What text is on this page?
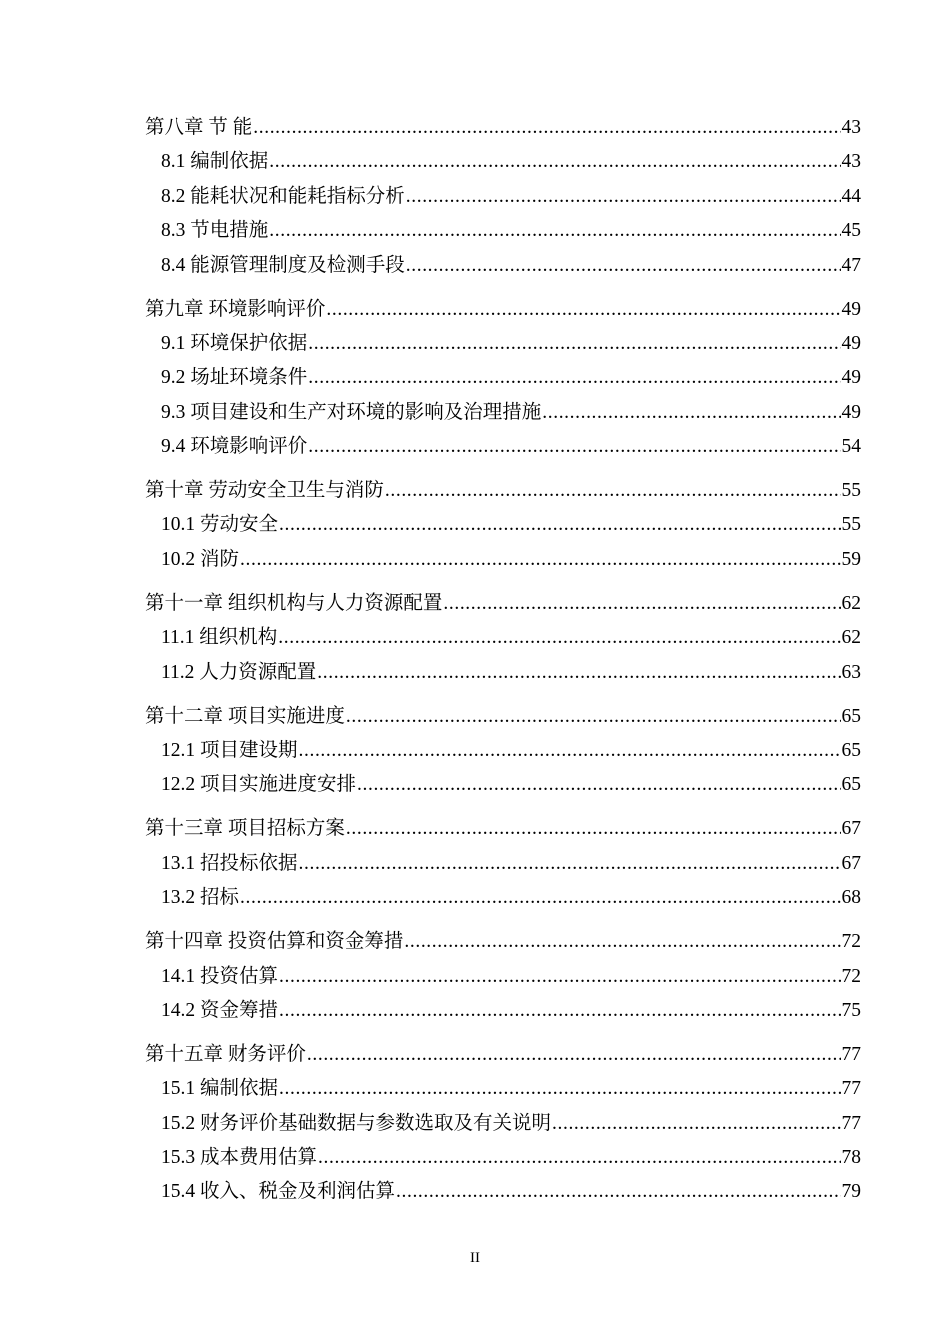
第八章 节 能 .....	43
8.1 编制依据 .....	43
8.2 能耗状况和能耗指标分析 .....	44
8.3 节电措施 .....	45
8.4 能源管理制度及检测手段 .....	47
第九章 环境影响评价 .....	49
9.1 环境保护依据 .....	49
9.2 场址环境条件 .....	49
9.3 项目建设和生产对环境的影响及治理措施 .....	49
9.4 环境影响评价 .....	54
第十章 劳动安全卫生与消防 .....	55
10.1 劳动安全 .....	55
10.2 消防 .....	59
第十一章 组织机构与人力资源配置 .....	62
11.1 组织机构 .....	62
11.2 人力资源配置 .....	63
第十二章 项目实施进度 .....	65
12.1 项目建设期 .....	65
12.2 项目实施进度安排 .....	65
第十三章 项目招标方案 .....	67
13.1 招投标依据 .....	67
13.2 招标 .....	68
第十四章 投资估算和资金筹措 .....	72
14.1 投资估算 .....	72
14.2 资金筹措 .....	75
第十五章 财务评价 .....	77
15.1 编制依据 .....	77
15.2 财务评价基础数据与参数选取及有关说明 .....	77
15.3 成本费用估算 .....	78
15.4 收入、税金及利润估算 .....	79
II
